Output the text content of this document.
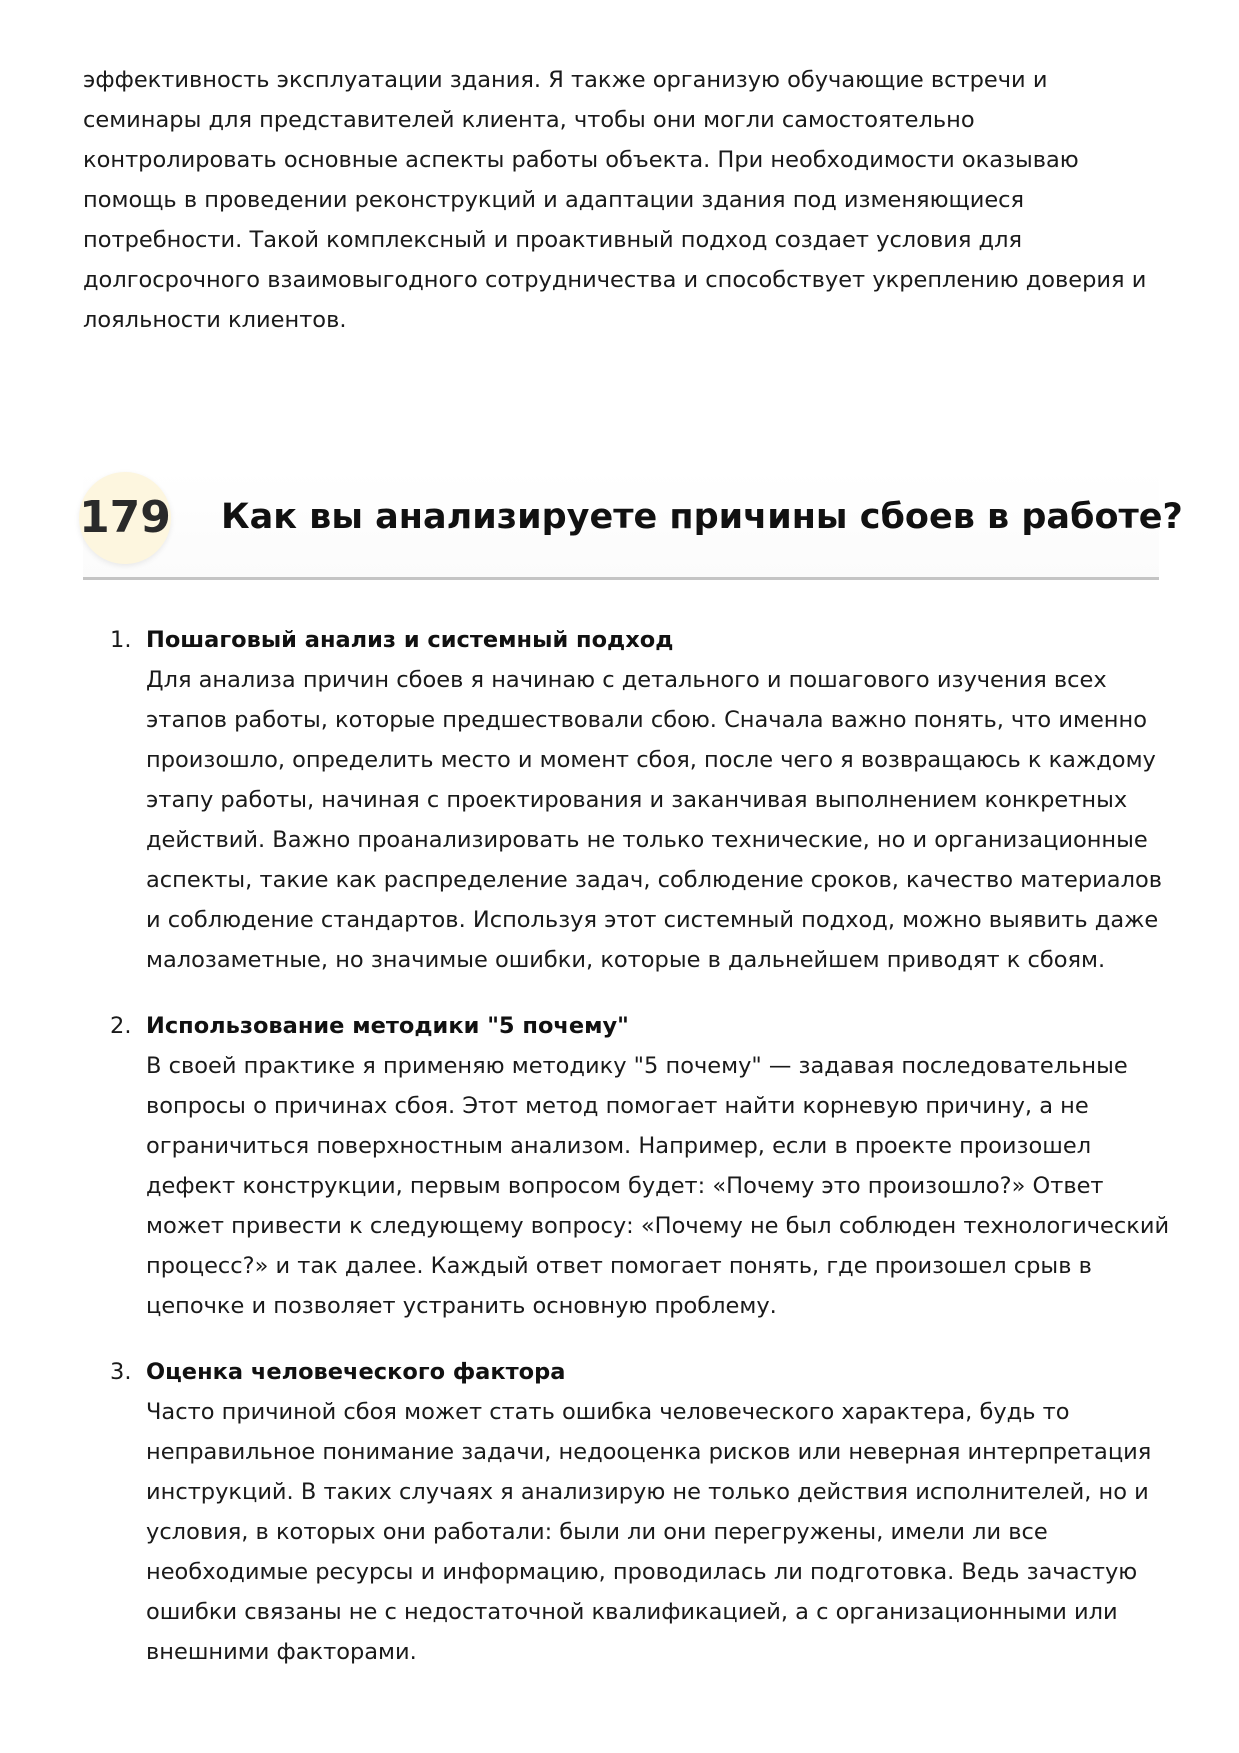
эффективность эксплуатации здания. Я также организую обучающие встречи и семинары для представителей клиента, чтобы они могли самостоятельно контролировать основные аспекты работы объекта. При необходимости оказываю помощь в проведении реконструкций и адаптации здания под изменяющиеся потребности. Такой комплексный и проактивный подход создает условия для долгосрочного взаимовыгодного сотрудничества и способствует укреплению доверия и лояльности клиентов.

179 Как вы анализируете причины сбоев в работе?
1. Пошаговый анализ и системный подход

Для анализа причин сбоев я начинаю с детального и пошагового изучения всех этапов работы, которые предшествовали сбою. Сначала важно понять, что именно произошло, определить место и момент сбоя, после чего я возвращаюсь к каждому этапу работы, начиная с проектирования и заканчивая выполнением конкретных действий. Важно проанализировать не только технические, но и организационные аспекты, такие как распределение задач, соблюдение сроков, качество материалов и соблюдение стандартов. Используя этот системный подход, можно выявить даже малозаметные, но значимые ошибки, которые в дальнейшем приводят к сбоям.

2. Использование методики "5 почему"

В своей практике я применяю методику "5 почему" — задавая последовательные вопросы о причинах сбоя. Этот метод помогает найти корневую причину, а не ограничиться поверхностным анализом. Например, если в проекте произошел дефект конструкции, первым вопросом будет: «Почему это произошло?» Ответ может привести к следующему вопросу: «Почему не был соблюден технологический процесс?» и так далее. Каждый ответ помогает понять, где произошел срыв в цепочке и позволяет устранить основную проблему.

3. Оценка человеческого фактора

Часто причиной сбоя может стать ошибка человеческого характера, будь то неправильное понимание задачи, недооценка рисков или неверная интерпретация инструкций. В таких случаях я анализирую не только действия исполнителей, но и условия, в которых они работали: были ли они перегружены, имели ли все необходимые ресурсы и информацию, проводилась ли подготовка. Ведь зачастую ошибки связаны не с недостаточной квалификацией, а с организационными или внешними факторами.
